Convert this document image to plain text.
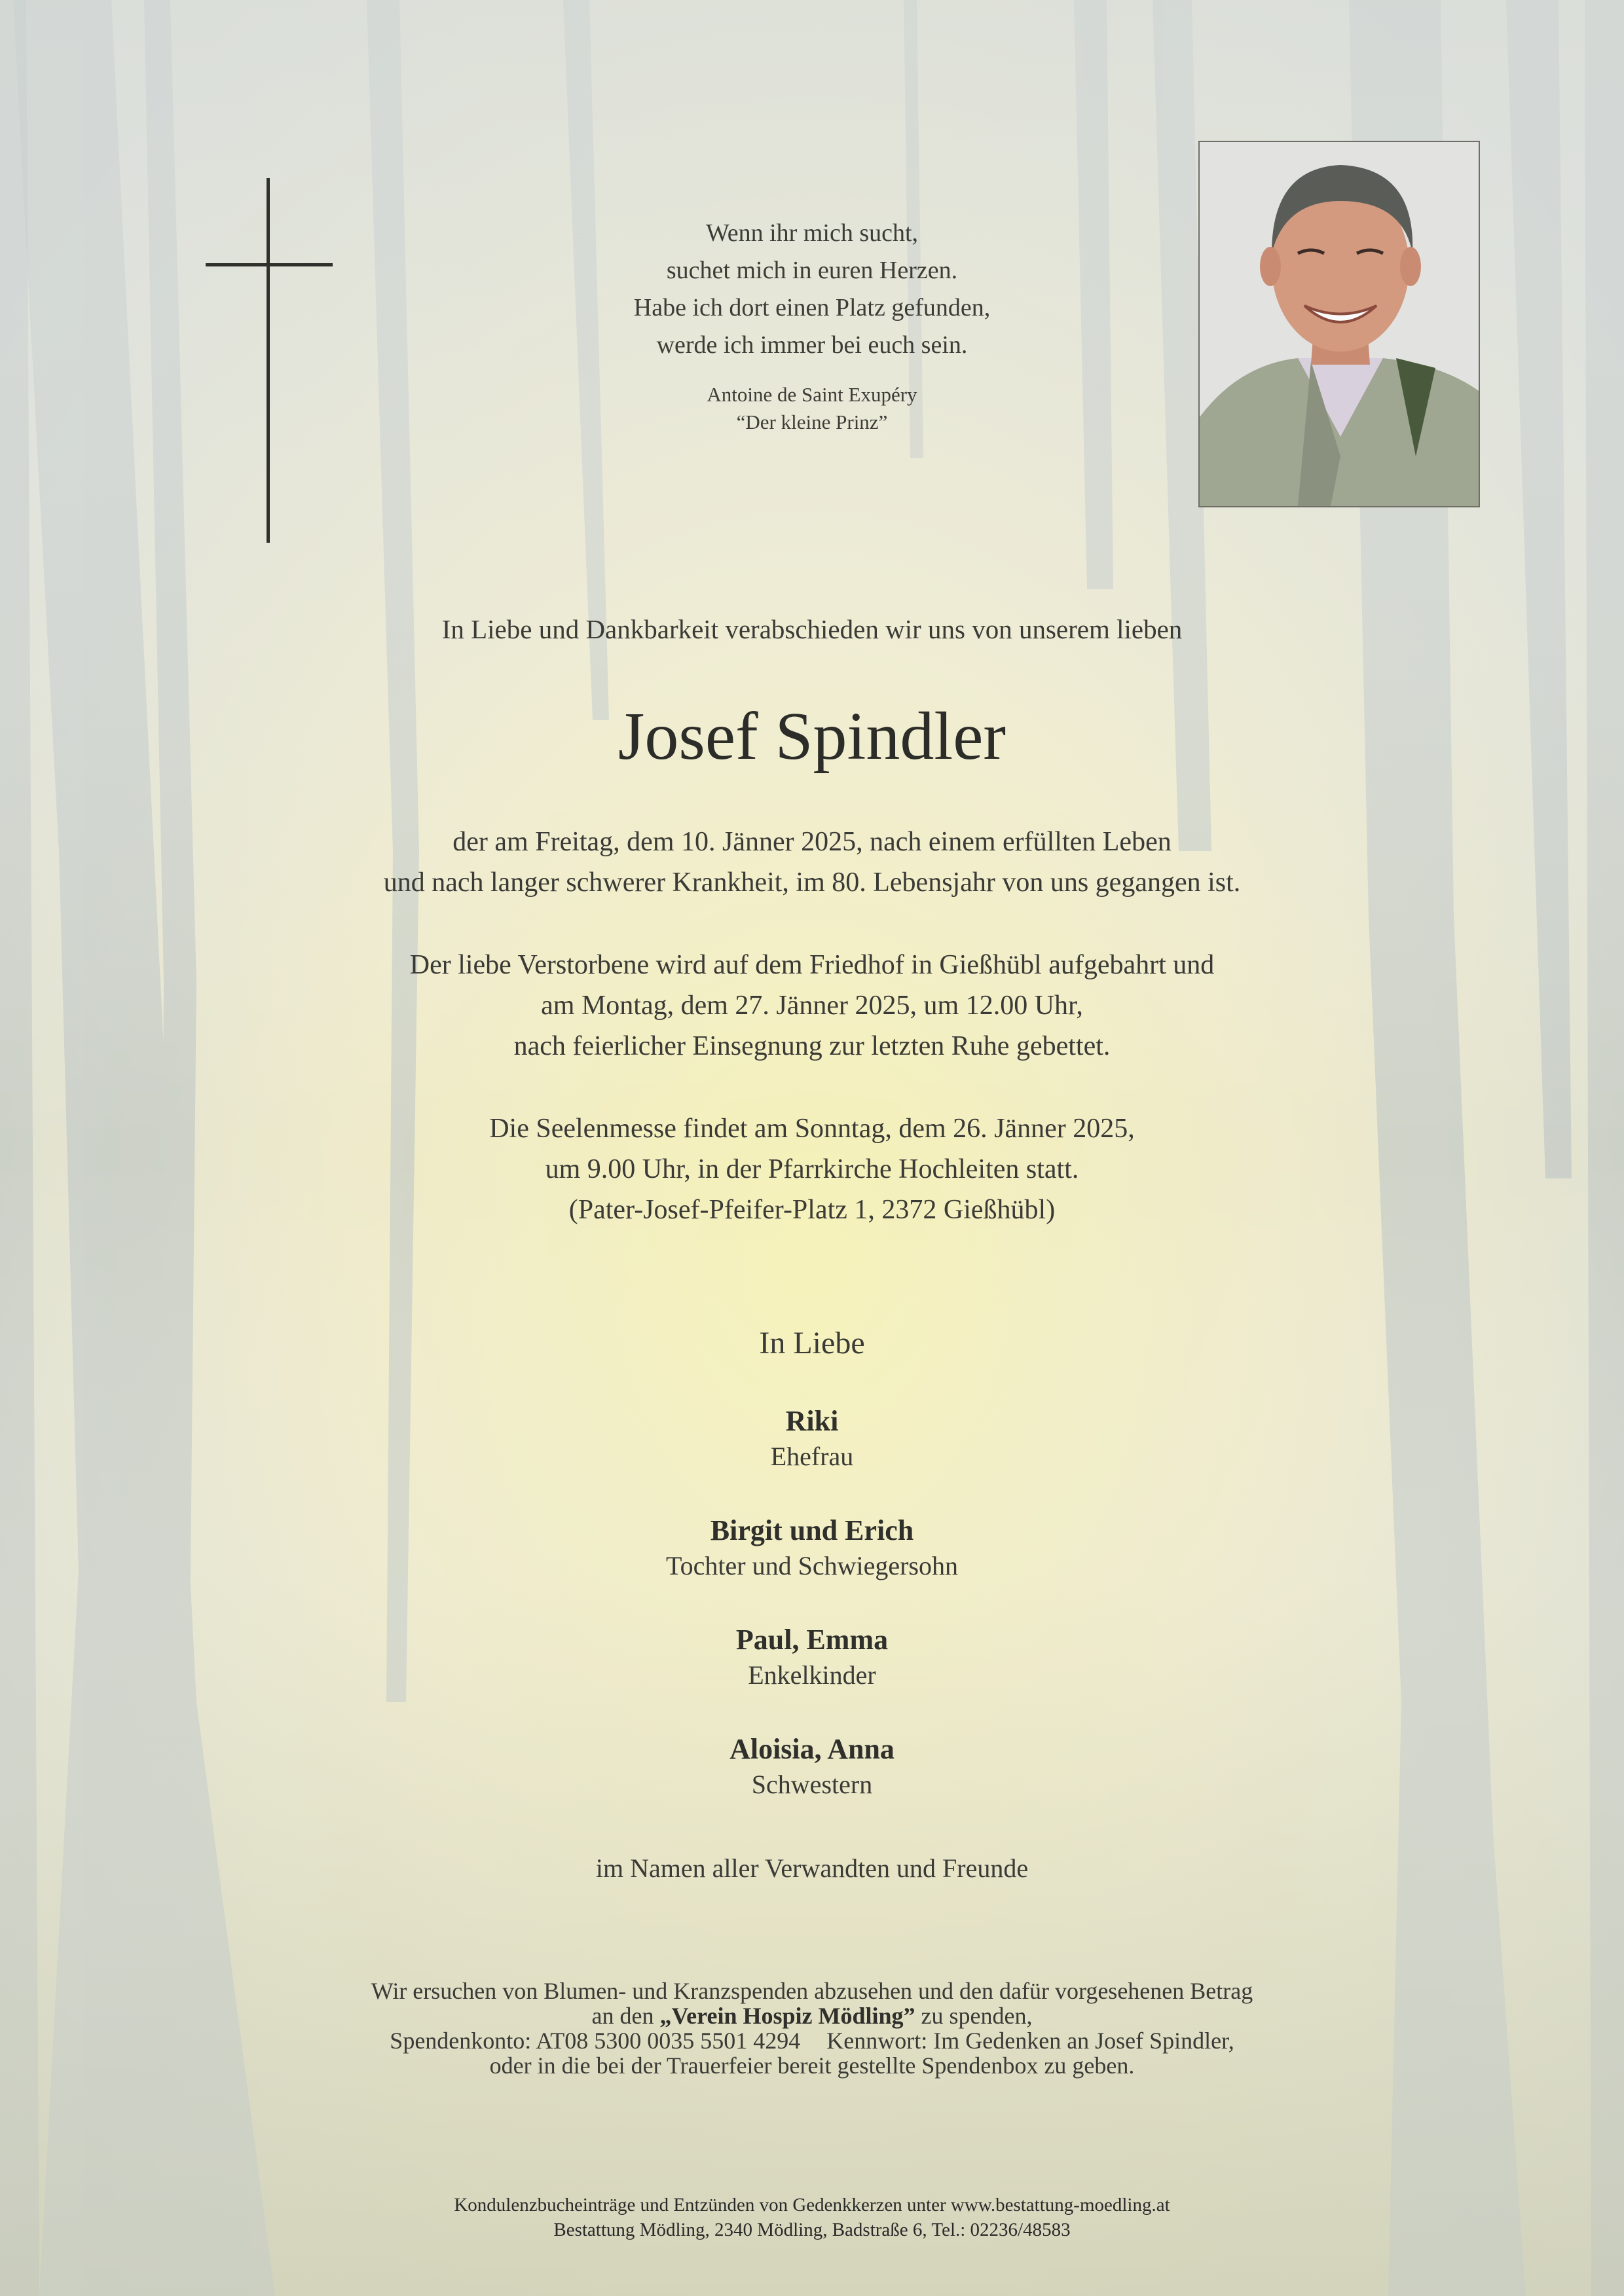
Wenn ihr mich sucht,
suchet mich in euren Herzen.
Habe ich dort einen Platz gefunden,
werde ich immer bei euch sein.
Antoine de Saint Exupéry
“Der kleine Prinz”
In Liebe und Dankbarkeit verabschieden wir uns von unserem lieben
Josef Spindler
der am Freitag, dem 10. Jänner 2025, nach einem erfüllten Leben
und nach langer schwerer Krankheit, im 80. Lebensjahr von uns gegangen ist.
Der liebe Verstorbene wird auf dem Friedhof in Gießhübl aufgebahrt und
am Montag, dem 27. Jänner 2025, um 12.00 Uhr,
nach feierlicher Einsegnung zur letzten Ruhe gebettet.
Die Seelenmesse findet am Sonntag, dem 26. Jänner 2025,
um 9.00 Uhr, in der Pfarrkirche Hochleiten statt.
(Pater-Josef-Pfeifer-Platz 1, 2372 Gießhübl)
In Liebe
Riki
Ehefrau
Birgit und Erich
Tochter und Schwiegersohn
Paul, Emma
Enkelkinder
Aloisia, Anna
Schwestern
im Namen aller Verwandten und Freunde
Wir ersuchen von Blumen- und Kranzspenden abzusehen und den dafür vorgesehenen Betrag
an den „Verein Hospiz Mödling” zu spenden,
Spendenkonto: AT08 5300 0035 5501 4294 Kennwort: Im Gedenken an Josef Spindler,
oder in die bei der Trauerfeier bereit gestellte Spendenbox zu geben.
Kondulenzbucheinträge und Entzünden von Gedenkkerzen unter www.bestattung-moedling.at
Bestattung Mödling, 2340 Mödling, Badstraße 6, Tel.: 02236/48583
